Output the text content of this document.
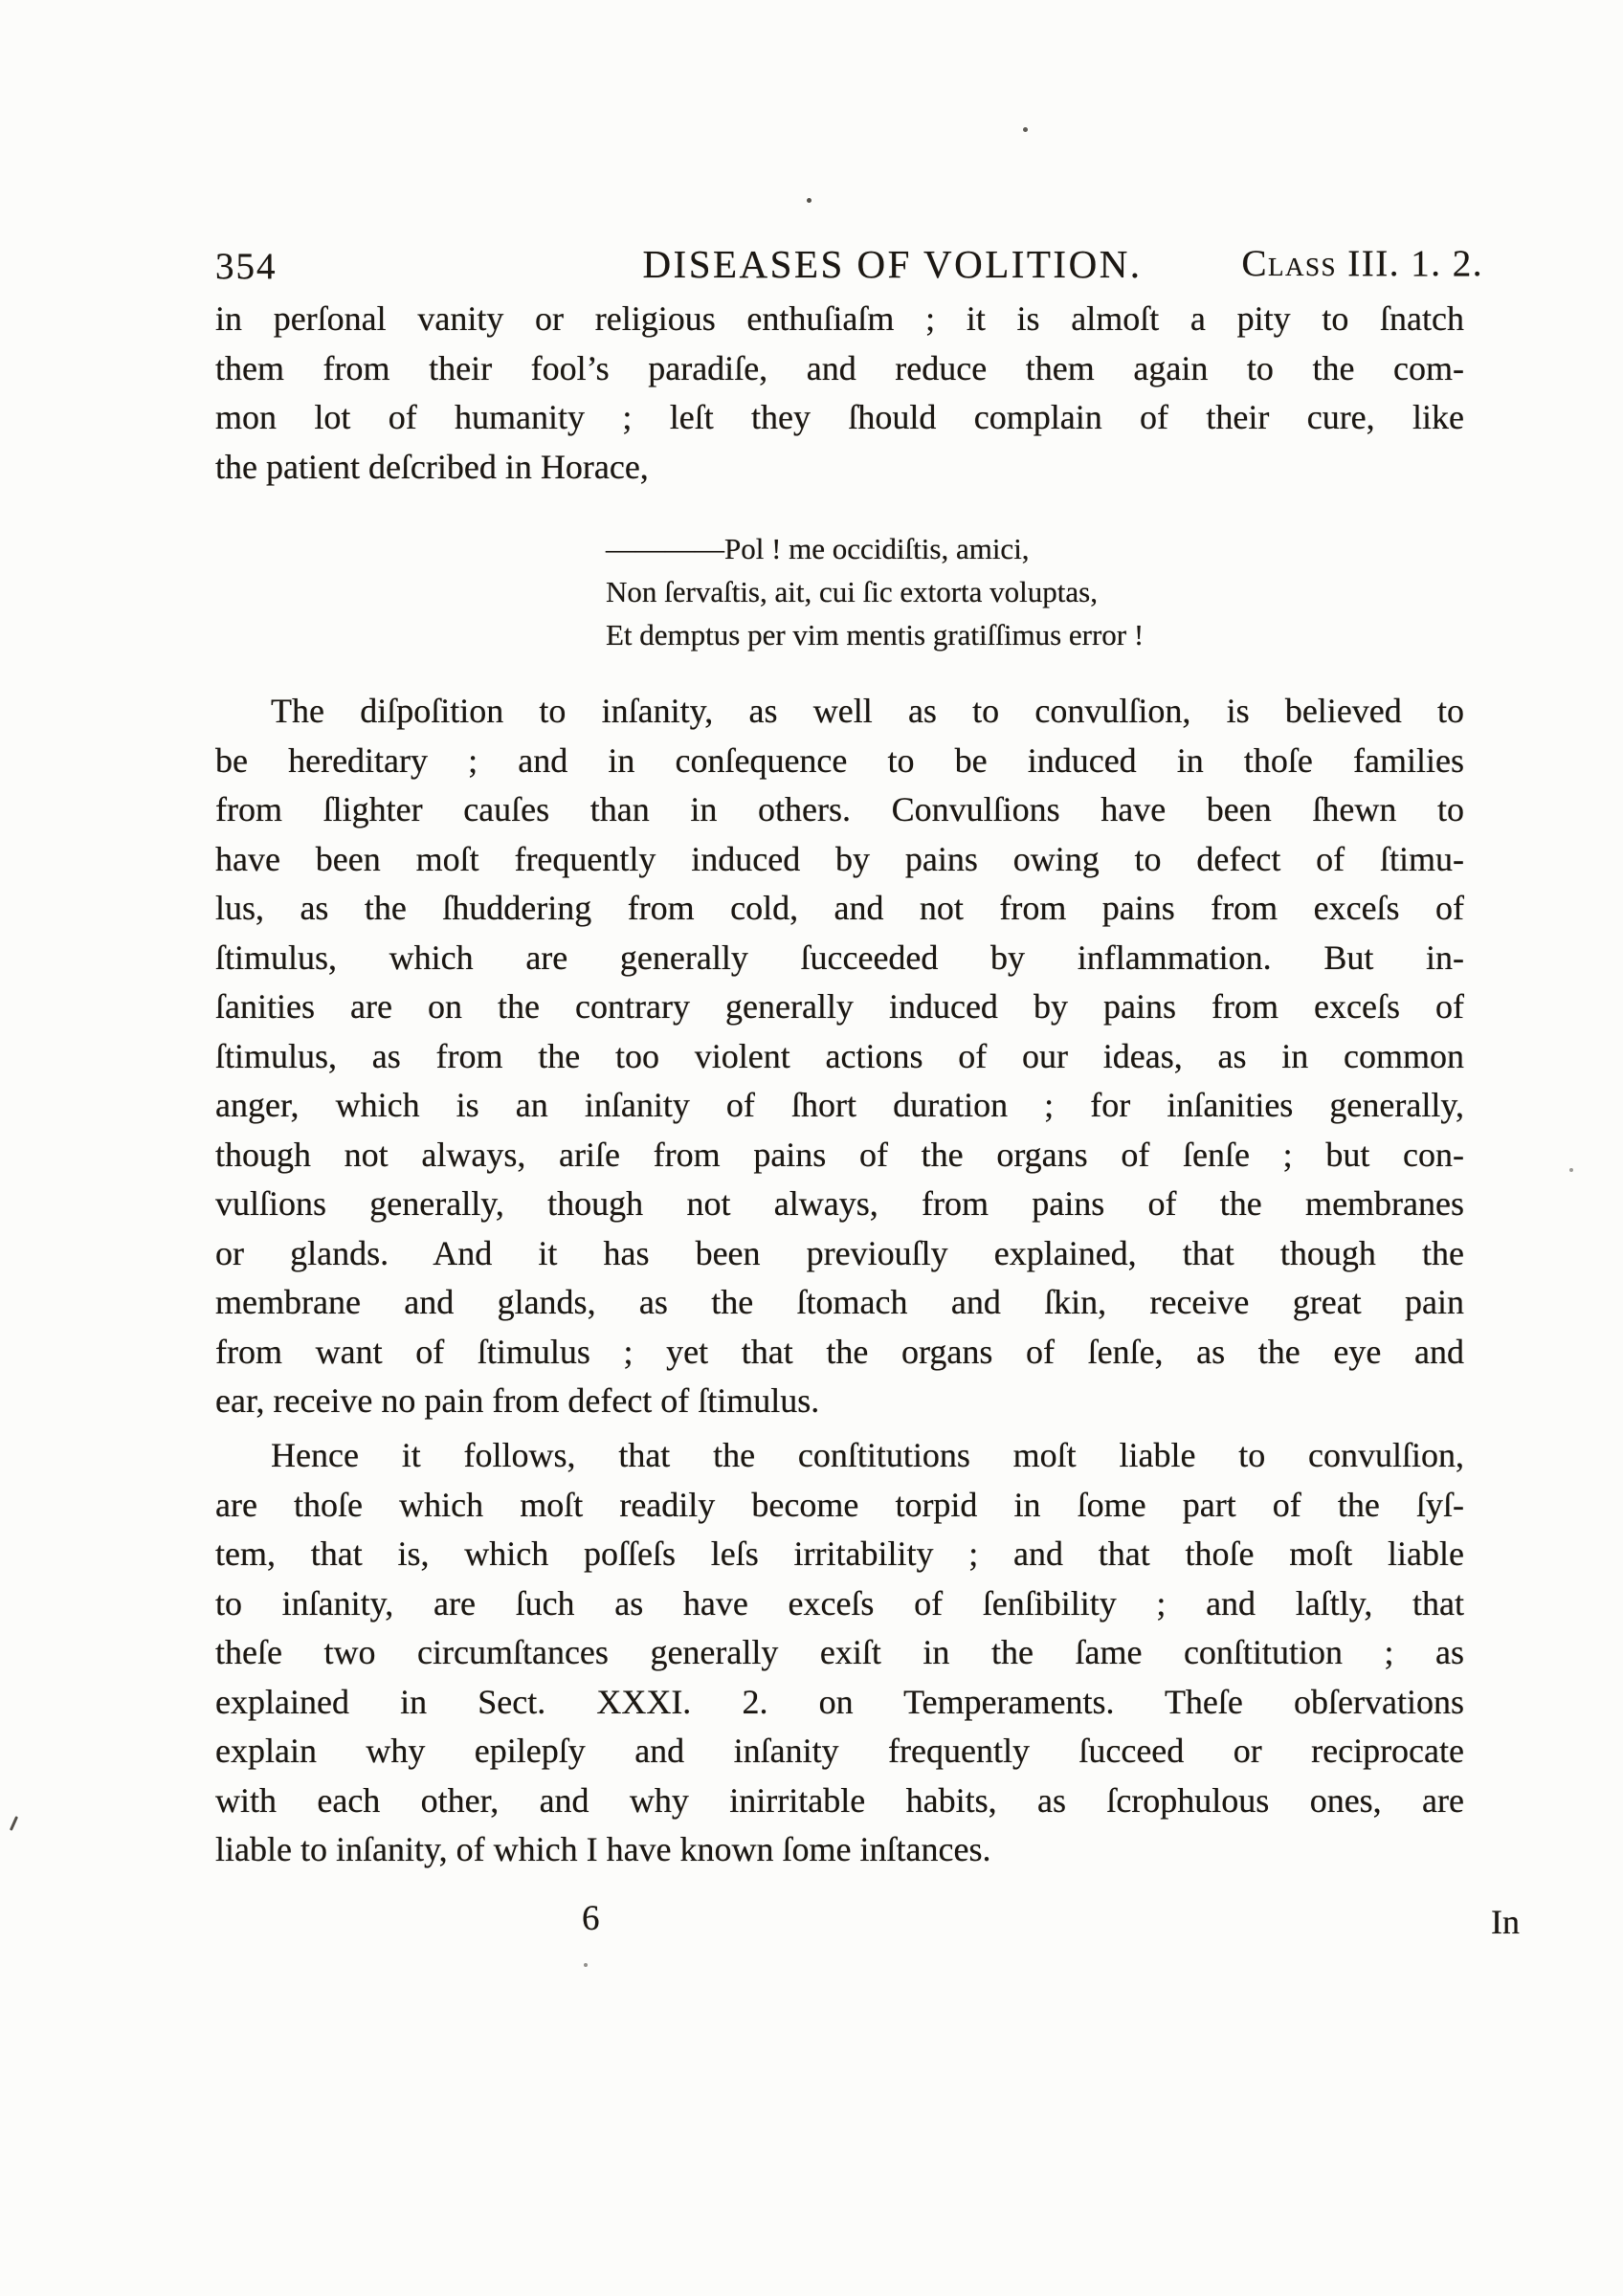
354	DISEASES OF VOLITION.	Class III. 1. 2.
in perſonal vanity or religious enthuſiaſm ; it is almoſt a pity to ſnatch
them from their fool’s paradiſe, and reduce them again to the com-
mon lot of humanity ; leſt they ſhould complain of their cure, like
the patient deſcribed in Horace,
————Pol ! me occidiſtis, amici,
Non ſervaſtis, ait, cui ſic extorta voluptas,
Et demptus per vim mentis gratiſſimus error !
The diſpoſition to inſanity, as well as to convulſion, is believed to
be hereditary ; and in conſequence to be induced in thoſe families
from ſlighter cauſes than in others. Convulſions have been ſhewn to
have been moſt frequently induced by pains owing to defect of ſtimu-
lus, as the ſhuddering from cold, and not from pains from exceſs of
ſtimulus, which are generally ſucceeded by inflammation. But in-
ſanities are on the contrary generally induced by pains from exceſs of
ſtimulus, as from the too violent actions of our ideas, as in common
anger, which is an inſanity of ſhort duration ; for inſanities generally,
though not always, ariſe from pains of the organs of ſenſe ; but con-
vulſions generally, though not always, from pains of the membranes
or glands. And it has been previouſly explained, that though the
membrane and glands, as the ſtomach and ſkin, receive great pain
from want of ſtimulus ; yet that the organs of ſenſe, as the eye and
ear, receive no pain from defect of ſtimulus.
Hence it follows, that the conſtitutions moſt liable to convulſion,
are thoſe which moſt readily become torpid in ſome part of the ſyſ-
tem, that is, which poſſeſs leſs irritability ; and that thoſe moſt liable
to inſanity, are ſuch as have exceſs of ſenſibility ; and laſtly, that
theſe two circumſtances generally exiſt in the ſame conſtitution ; as
explained in Sect. XXXI. 2. on Temperaments. Theſe obſervations
explain why epilepſy and inſanity frequently ſucceed or reciprocate
with each other, and why inirritable habits, as ſcrophulous ones, are
liable to inſanity, of which I have known ſome inſtances.
6	In
